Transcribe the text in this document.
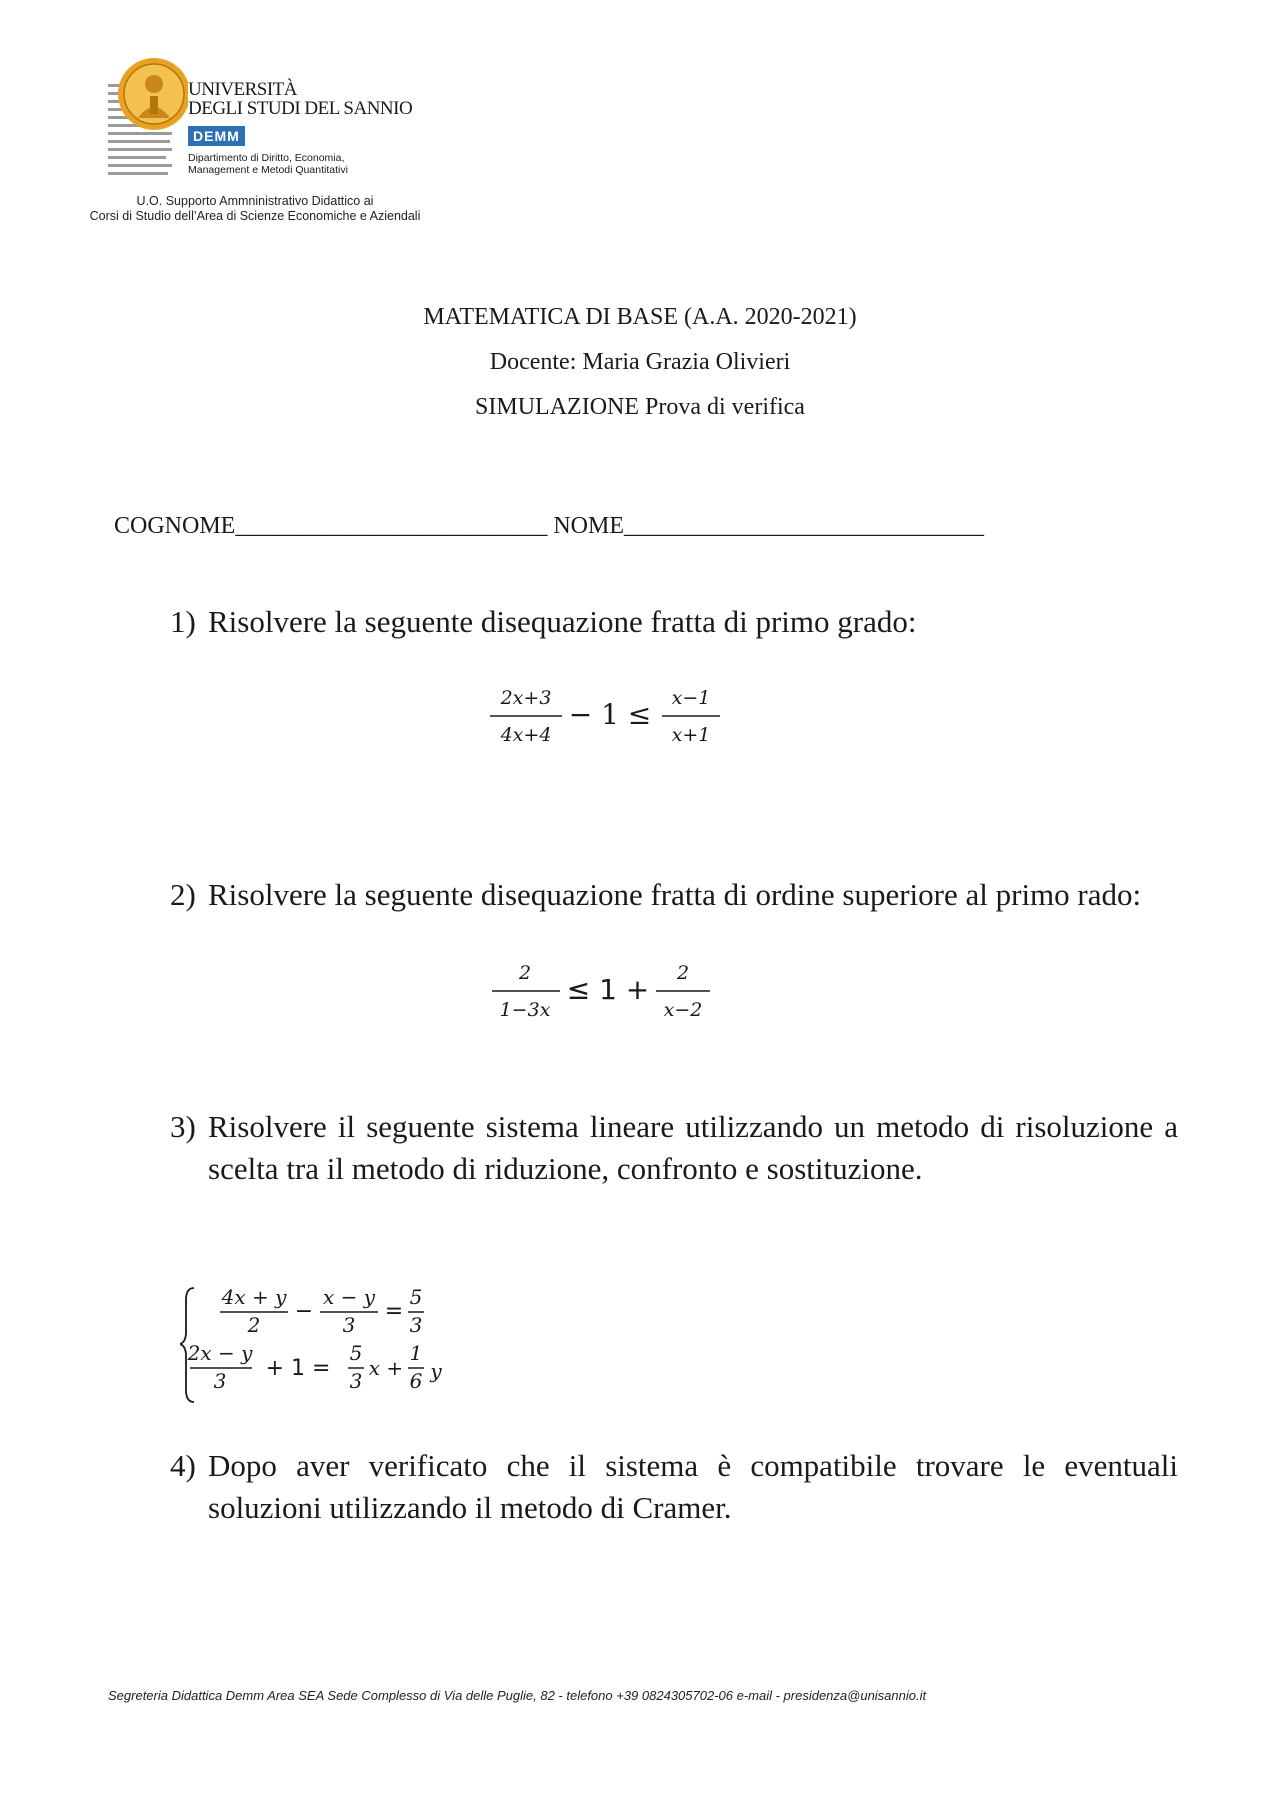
UNIVERSITÀ
DEGLI STUDI DEL SANNIO
DEMM
Dipartimento di Diritto, Economia,
Management e Metodi Quantitativi
U.O. Supporto Ammninistrativo Didattico ai
Corsi di Studio dell’Area di Scienze Economiche e Aziendali
MATEMATICA DI BASE (A.A. 2020-2021)
Docente: Maria Grazia Olivieri
SIMULAZIONE Prova di verifica
COGNOME__________________________ NOME______________________________
1) Risolvere la seguente disequazione fratta di primo grado:
2x+3
4x+4
x−1
x+1
− 1 ≤
2) Risolvere la seguente disequazione fratta di ordine superiore al primo rado:
2
1−3x
2
x−2
≤ 1 +
3) Risolvere il seguente sistema lineare utilizzando un metodo di risoluzione a scelta tra il metodo di riduzione, confronto e sostituzione.
4x + y
2
x − y
3
5
3
2x − y
3
5
3
1
6
−	=
+ 1 = x + y
4) Dopo aver verificato che il sistema è compatibile trovare le eventuali soluzioni utilizzando il metodo di Cramer.
Segreteria Didattica Demm Area SEA Sede Complesso di Via delle Puglie, 82 - telefono +39 0824305702-06 e-mail - presidenza@unisannio.it
